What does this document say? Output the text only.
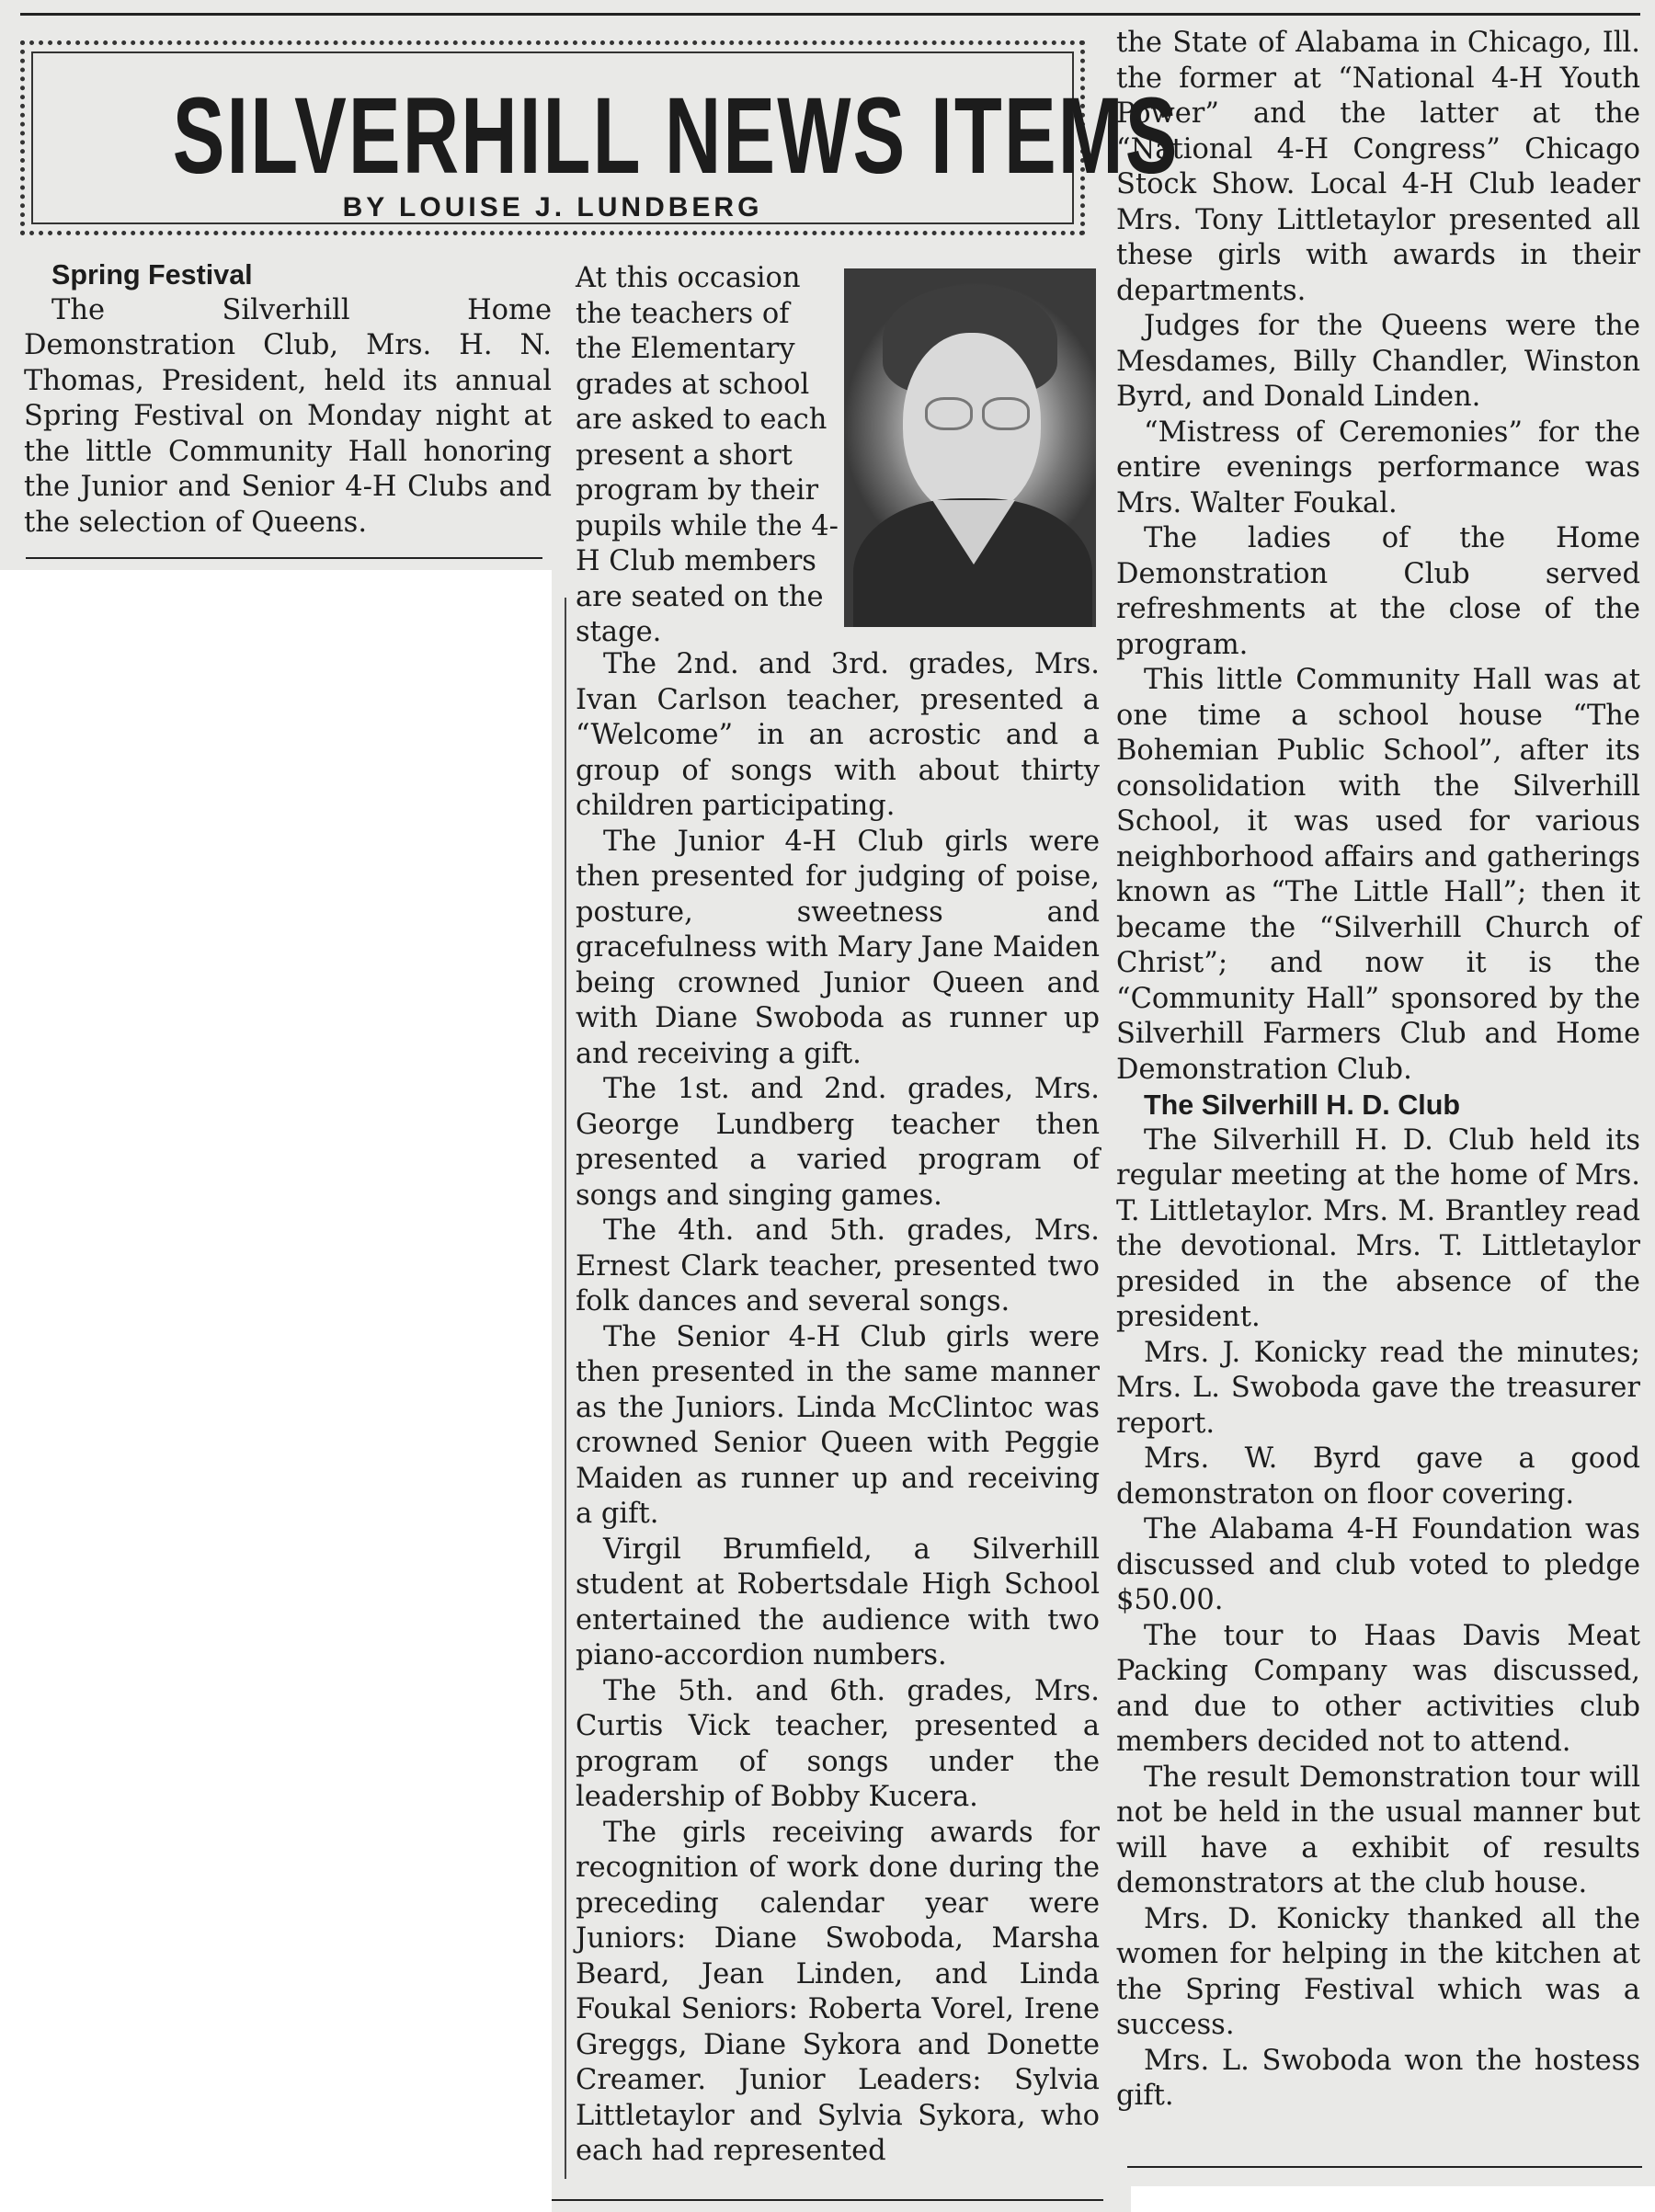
SILVERHILL NEWS ITEMS
BY LOUISE J. LUNDBERG

Spring Festival

The Silverhill Home Demonstration Club, Mrs. H. N. Thomas, President, held its annual Spring Festival on Monday night at the little Community Hall honoring the Junior and Senior 4-H Clubs and the selection of Queens.

At this occasion the teachers of the Elementary grades at school are asked to each present a short program by their pupils while the 4-H Club members are seated on the stage.

The 2nd. and 3rd. grades, Mrs. Ivan Carlson teacher, presented a “Welcome” in an acrostic and a group of songs with about thirty children participating.

The Junior 4-H Club girls were then presented for judging of poise, posture, sweetness and gracefulness with Mary Jane Maiden being crowned Junior Queen and with Diane Swoboda as runner up and receiving a gift.

The 1st. and 2nd. grades, Mrs. George Lundberg teacher then presented a varied program of songs and singing games.

The 4th. and 5th. grades, Mrs. Ernest Clark teacher, presented two folk dances and several songs.

The Senior 4-H Club girls were then presented in the same manner as the Juniors. Linda McClintoc was crowned Senior Queen with Peggie Maiden as runner up and receiving a gift.

Virgil Brumfield, a Silverhill student at Robertsdale High School entertained the audience with two piano-accordion numbers.

The 5th. and 6th. grades, Mrs. Curtis Vick teacher, presented a program of songs under the leadership of Bobby Kucera.

The girls receiving awards for recognition of work done during the preceding calendar year were Juniors: Diane Swoboda, Marsha Beard, Jean Linden, and Linda Foukal Seniors: Roberta Vorel, Irene Greggs, Diane Sykora and Donette Creamer. Junior Leaders: Sylvia Littletaylor and Sylvia Sykora, who each had represented

the State of Alabama in Chicago, Ill. the former at “National 4-H Youth Power” and the latter at the “National 4-H Congress” Chicago Stock Show. Local 4-H Club leader Mrs. Tony Littletaylor presented all these girls with awards in their departments.

Judges for the Queens were the Mesdames, Billy Chandler, Winston Byrd, and Donald Linden.

“Mistress of Ceremonies” for the entire evenings performance was Mrs. Walter Foukal.

The ladies of the Home Demonstration Club served refreshments at the close of the program.

This little Community Hall was at one time a school house “The Bohemian Public School”, after its consolidation with the Silverhill School, it was used for various neighborhood affairs and gatherings known as “The Little Hall”; then it became the “Silverhill Church of Christ”; and now it is the “Community Hall” sponsored by the Silverhill Farmers Club and Home Demonstration Club.

The Silverhill H. D. Club

The Silverhill H. D. Club held its regular meeting at the home of Mrs. T. Littletaylor. Mrs. M. Brantley read the devotional. Mrs. T. Littletaylor presided in the absence of the president.

Mrs. J. Konicky read the minutes; Mrs. L. Swoboda gave the treasurer report.

Mrs. W. Byrd gave a good demonstraton on floor covering.

The Alabama 4-H Foundation was discussed and club voted to pledge $50.00.

The tour to Haas Davis Meat Packing Company was discussed, and due to other activities club members decided not to attend.

The result Demonstration tour will not be held in the usual manner but will have a exhibit of results demonstrators at the club house.

Mrs. D. Konicky thanked all the women for helping in the kitchen at the Spring Festival which was a success.

Mrs. L. Swoboda won the hostess gift.
